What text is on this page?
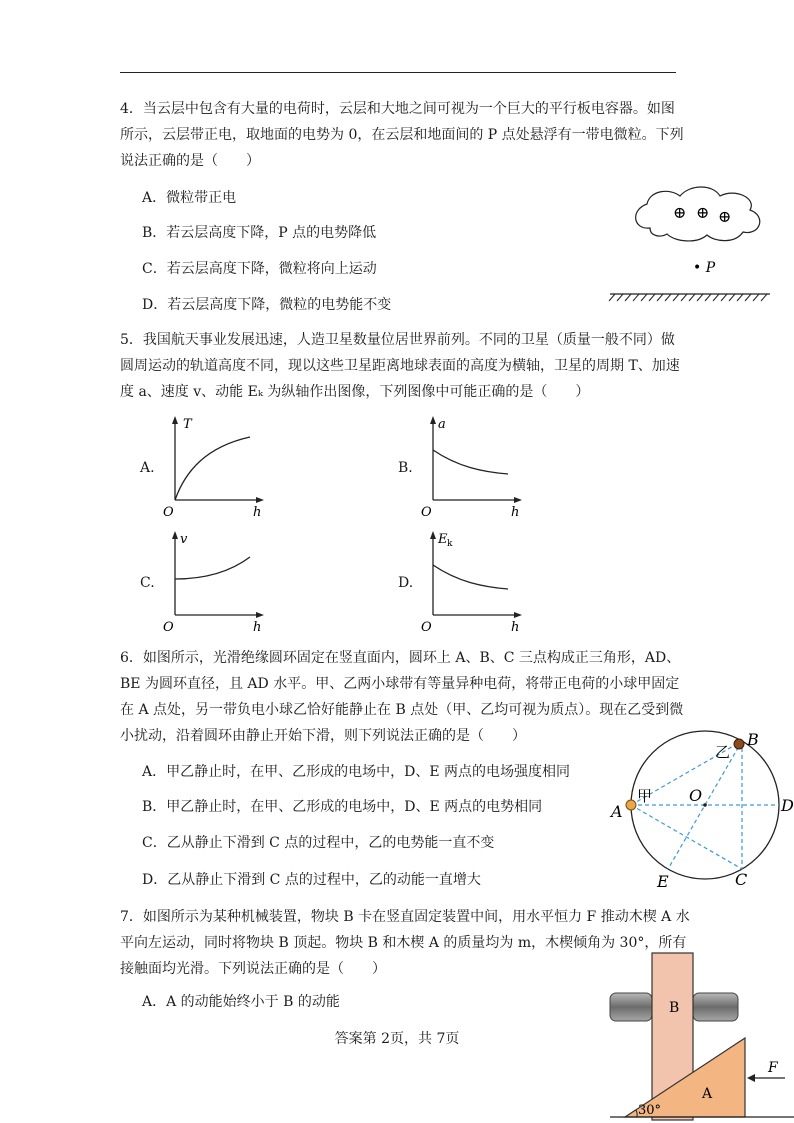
4．当云层中包含有大量的电荷时，云层和大地之间可视为一个巨大的平行板电容器。如图
所示，云层带正电，取地面的电势为 0，在云层和地面间的 P 点处悬浮有一带电微粒。下列
说法正确的是（　　）
A．微粒带正电
B．若云层高度下降，P 点的电势降低
C．若云层高度下降，微粒将向上运动
D．若云层高度下降，微粒的电势能不变
⊕ ⊕ ⊕
• P
5．我国航天事业发展迅速，人造卫星数量位居世界前列。不同的卫星（质量一般不同）做
圆周运动的轨道高度不同，现以这些卫星距离地球表面的高度为横轴，卫星的周期 T、加速
度 a、速度 v、动能 Eₖ 为纵轴作出图像，下列图像中可能正确的是（　　）
A.
T
O	h
B.
a
O	h
C.
v
O	h
D.
E k
O	h
6．如图所示，光滑绝缘圆环固定在竖直面内，圆环上 A、B、C 三点构成正三角形，AD、
BE 为圆环直径，且 AD 水平。甲、乙两小球带有等量异种电荷，将带正电荷的小球甲固定
在 A 点处，另一带负电小球乙恰好能静止在 B 点处（甲、乙均可视为质点）。现在乙受到微
小扰动，沿着圆环由静止开始下滑，则下列说法正确的是（　　）
A．甲乙静止时，在甲、乙形成的电场中，D、E 两点的电场强度相同
B．甲乙静止时，在甲、乙形成的电场中，D、E 两点的电势相同
C．乙从静止下滑到 C 点的过程中，乙的电势能一直不变
D．乙从静止下滑到 C 点的过程中，乙的动能一直增大
A
B
C
D
E
O
甲
乙
7．如图所示为某种机械装置，物块 B 卡在竖直固定装置中间，用水平恒力 F 推动木楔 A 水
平向左运动，同时将物块 B 顶起。物块 B 和木楔 A 的质量均为 m，木楔倾角为 30°，所有
接触面均光滑。下列说法正确的是（　　）
A．A 的动能始终小于 B 的动能	B
A
F
30°
答案第 2页，共 7页
